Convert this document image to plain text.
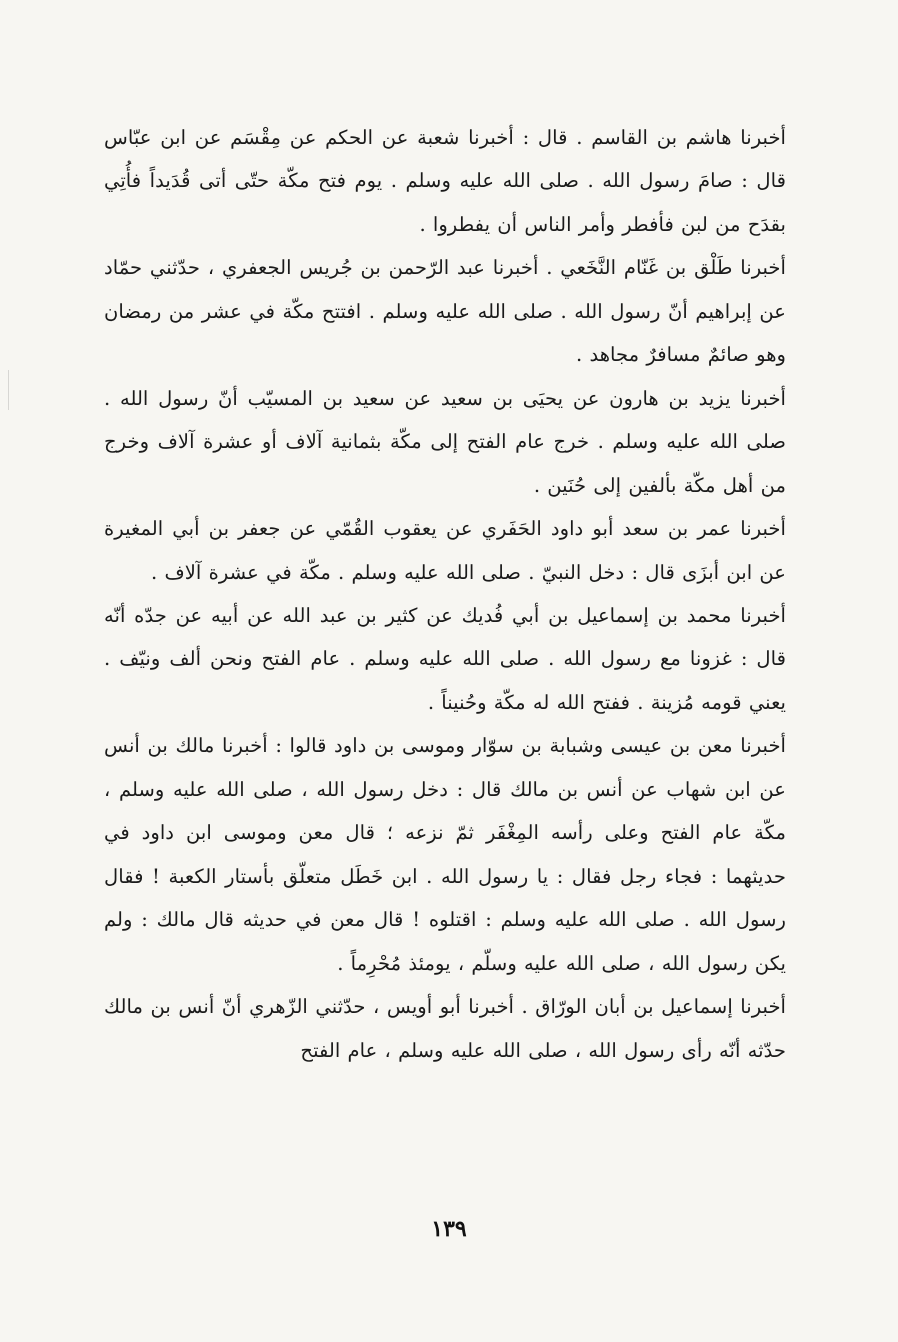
أخبرنا هاشم بن القاسم . قال : أخبرنا شعبة عن الحكم عن مِقْسَم عن ابن عبّاس قال : صامَ رسول الله . صلى الله عليه وسلم . يوم فتح مكّة حتّى أتى قُدَيداً فأُتِي بقدَح من لبن فأفطر وأمر الناس أن يفطروا .

أخبرنا طَلْق بن غَنّام النَّخَعي . أخبرنا عبد الرّحمن بن جُريس الجعفري ، حدّثني حمّاد عن إبراهيم أنّ رسول الله . صلى الله عليه وسلم . افتتح مكّة في عشر من رمضان وهو صائمٌ مسافرٌ مجاهد .

أخبرنا يزيد بن هارون عن يحيَى بن سعيد عن سعيد بن المسيّب أنّ رسول الله . صلى الله عليه وسلم . خرج عام الفتح إلى مكّة بثمانية آلاف أو عشرة آلاف وخرج من أهل مكّة بألفين إلى حُنَين .

أخبرنا عمر بن سعد أبو داود الحَفَري عن يعقوب القُمّي عن جعفر بن أبي المغيرة عن ابن أبزَى قال : دخل النبيّ . صلى الله عليه وسلم . مكّة في عشرة آلاف .

أخبرنا محمد بن إسماعيل بن أبي فُديك عن كثير بن عبد الله عن أبيه عن جدّه أنّه قال : غزونا مع رسول الله . صلى الله عليه وسلم . عام الفتح ونحن ألف ونيّف . يعني قومه مُزينة . ففتح الله له مكّة وحُنيناً .

أخبرنا معن بن عيسى وشبابة بن سوّار وموسى بن داود قالوا : أخبرنا مالك بن أنس عن ابن شهاب عن أنس بن مالك قال : دخل رسول الله ، صلى الله عليه وسلم ، مكّة عام الفتح وعلى رأسه المِغْفَر ثمّ نزعه ؛ قال معن وموسى ابن داود في حديثهما : فجاء رجل فقال : يا رسول الله . ابن خَطَل متعلّق بأستار الكعبة ! فقال رسول الله . صلى الله عليه وسلم : اقتلوه ! قال معن في حديثه قال مالك : ولم يكن رسول الله ، صلى الله عليه وسلّم ، يومئذ مُحْرِماً .

أخبرنا إسماعيل بن أبان الورّاق . أخبرنا أبو أويس ، حدّثني الزّهري أنّ أنس بن مالك حدّثه أنّه رأى رسول الله ، صلى الله عليه وسلم ، عام الفتح

١٣٩
